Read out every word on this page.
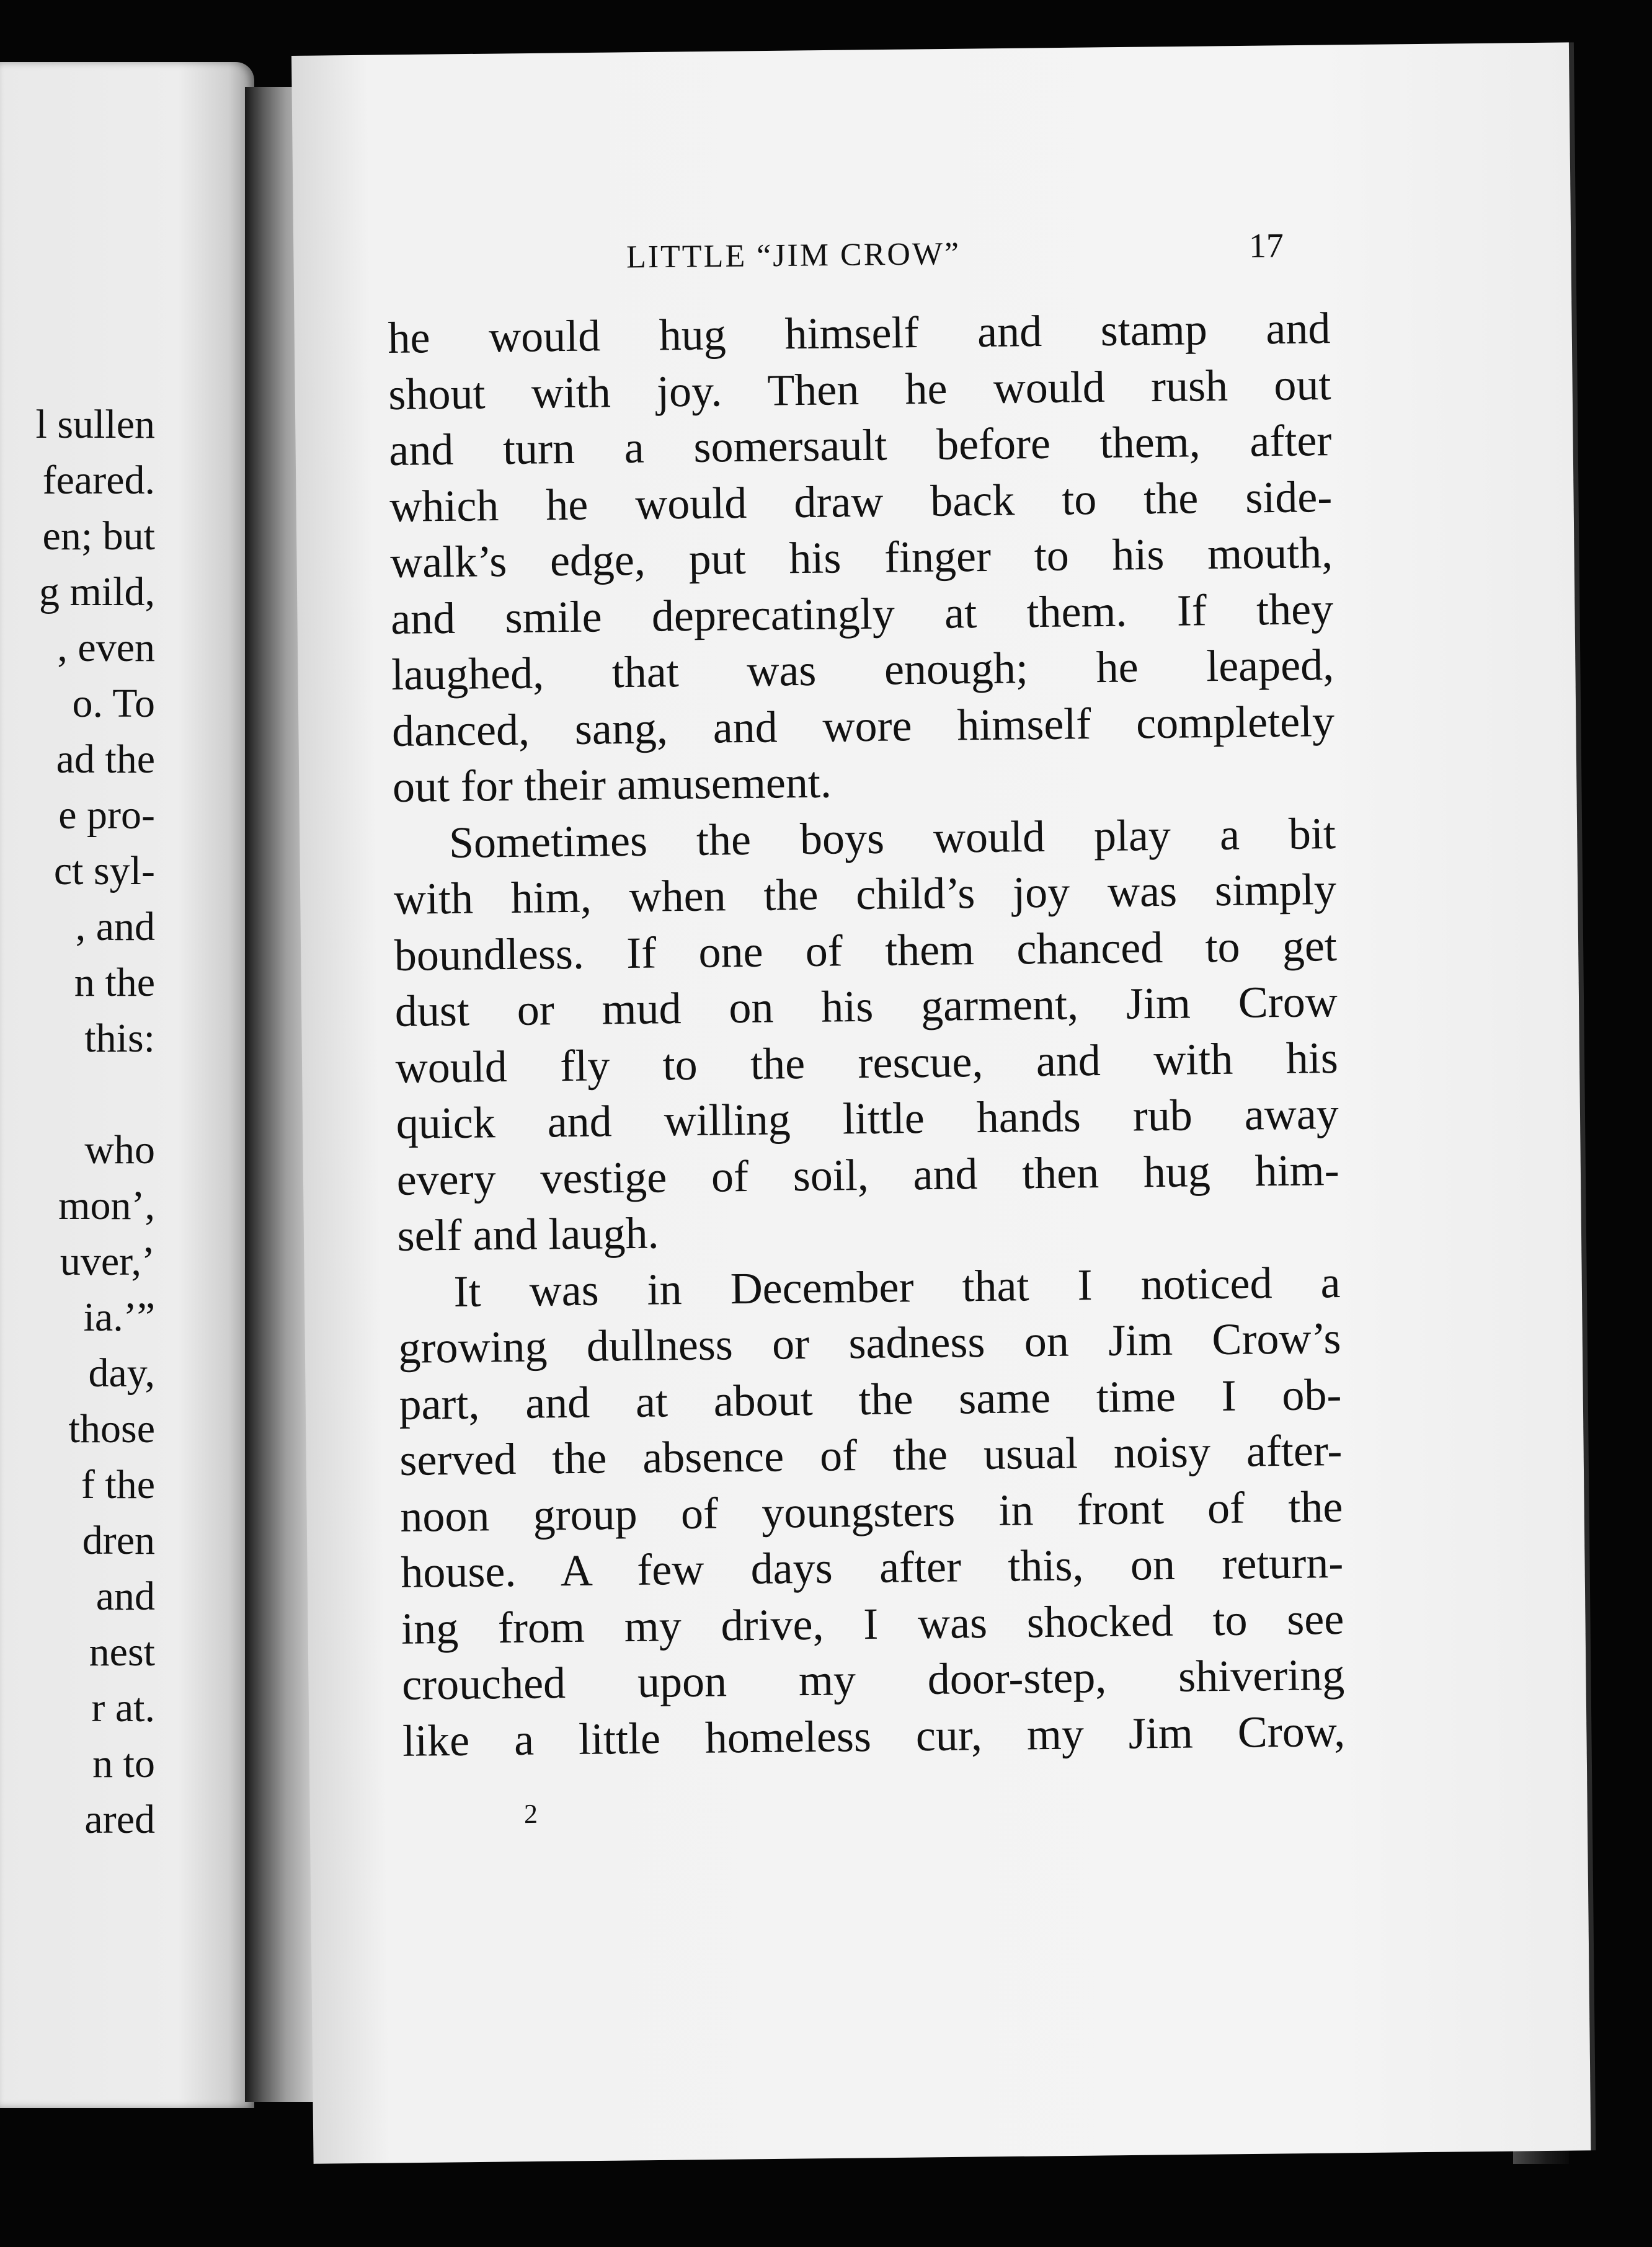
l sullen
feared.
en; but
g mild,
, even
o. To
ad the
e pro-
ct syl-
, and
n the
this:
who
mon’,
uver,’
ia.’”
day,
those
f the
dren
and
nest
r at.
n to
ared
LITTLE “JIM CROW”	17
he would hug himself and stamp and
shout with joy. Then he would rush out
and turn a somersault before them, after
which he would draw back to the side-
walk’s edge, put his finger to his mouth,
and smile deprecatingly at them. If they
laughed, that was enough; he leaped,
danced, sang, and wore himself completely
out for their amusement.
Sometimes the boys would play a bit
with him, when the child’s joy was simply
boundless. If one of them chanced to get
dust or mud on his garment, Jim Crow
would fly to the rescue, and with his
quick and willing little hands rub away
every vestige of soil, and then hug him-
self and laugh.
It was in December that I noticed a
growing dullness or sadness on Jim Crow’s
part, and at about the same time I ob-
served the absence of the usual noisy after-
noon group of youngsters in front of the
house. A few days after this, on return-
ing from my drive, I was shocked to see
crouched upon my door-step, shivering
like a little homeless cur, my Jim Crow,
2
